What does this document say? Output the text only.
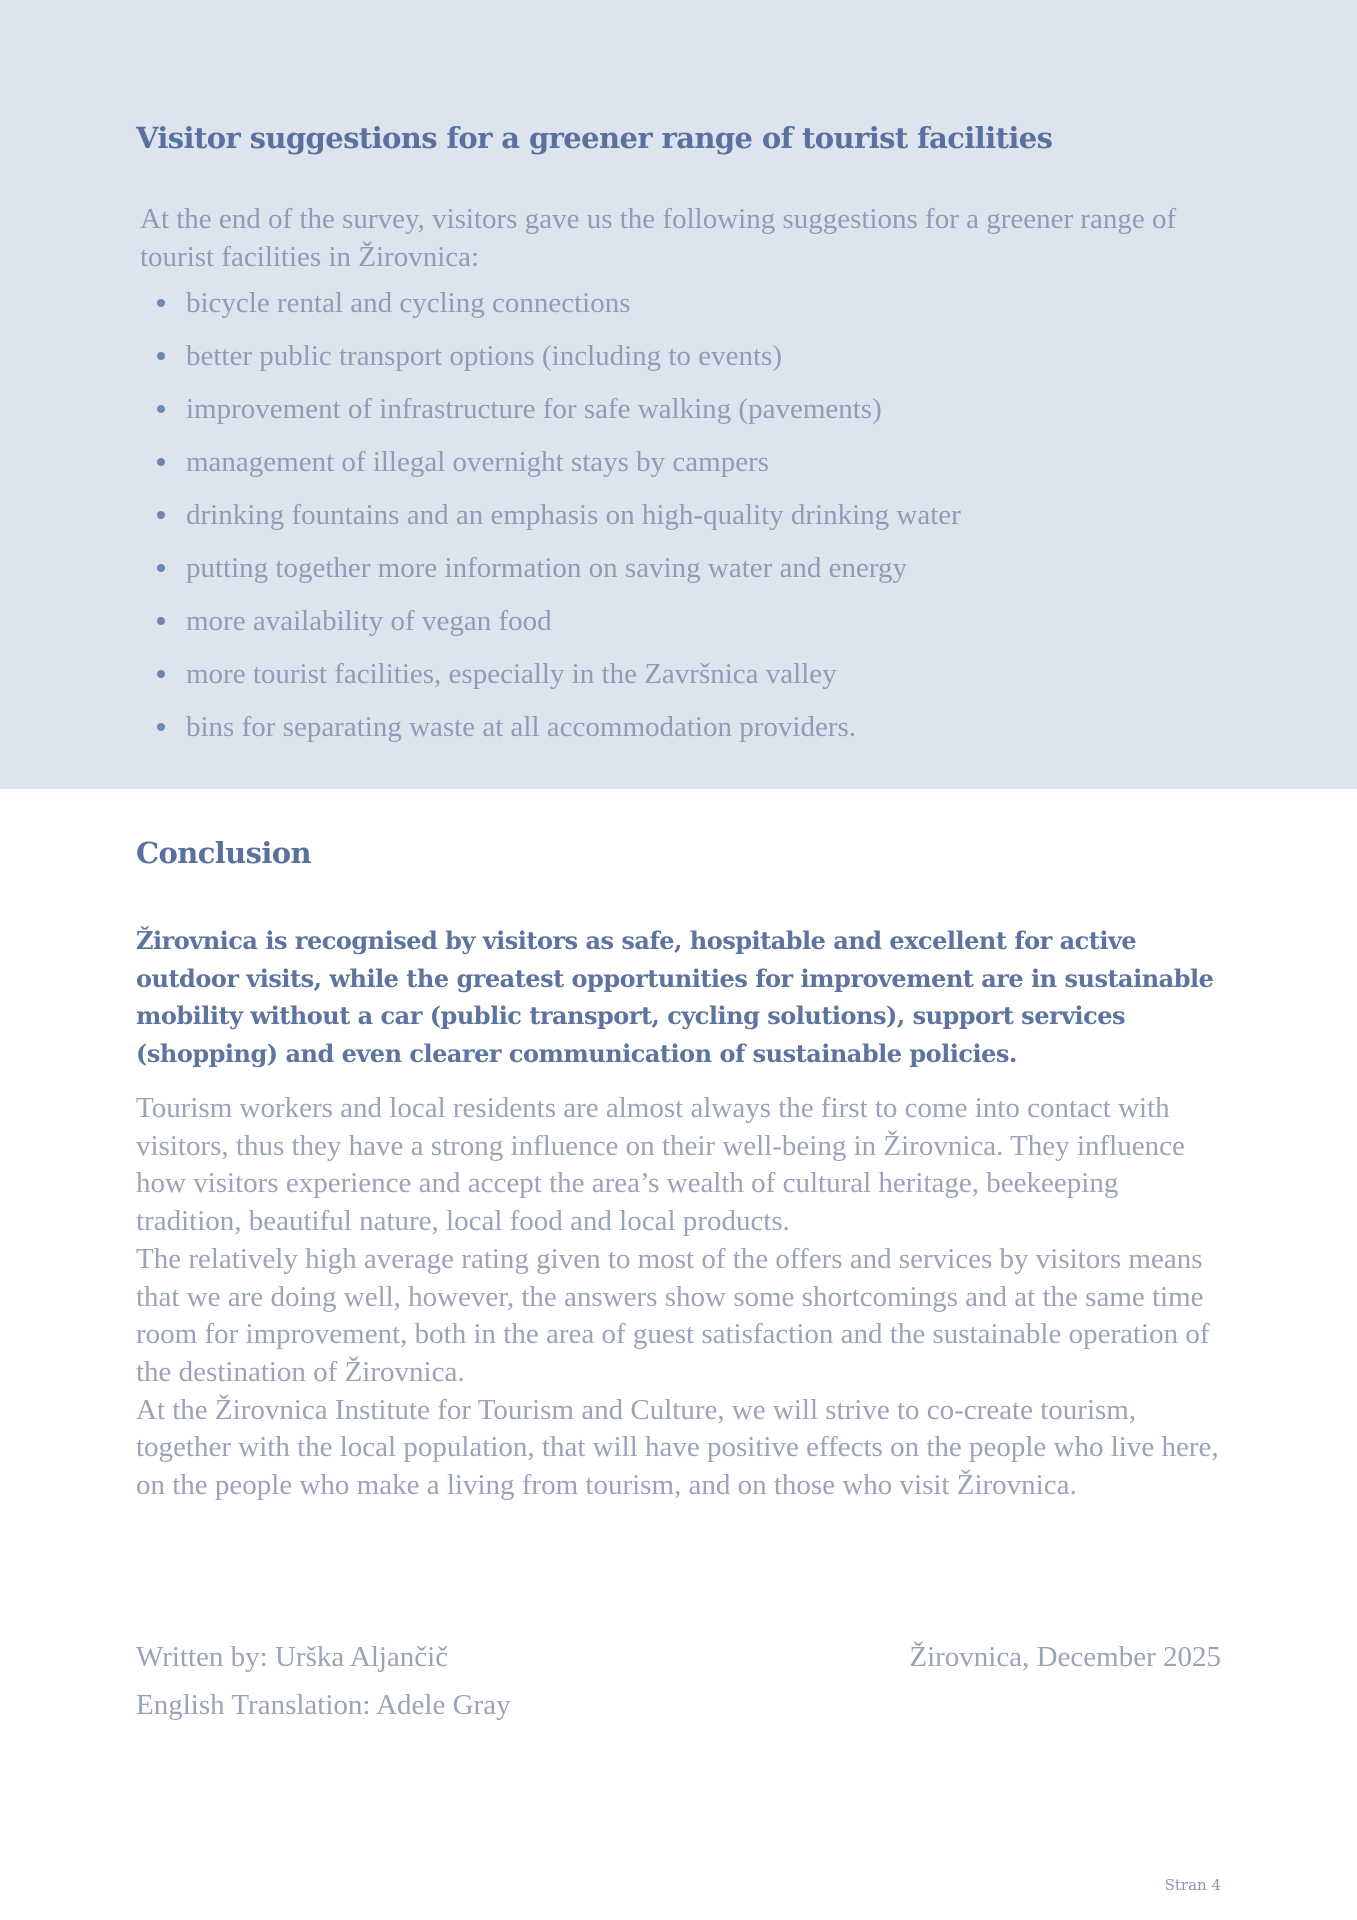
Visitor suggestions for a greener range of tourist facilities

At the end of the survey, visitors gave us the following suggestions for a greener range of tourist facilities in Žirovnica:

bicycle rental and cycling connections
better public transport options (including to events)
improvement of infrastructure for safe walking (pavements)
management of illegal overnight stays by campers
drinking fountains and an emphasis on high-quality drinking water
putting together more information on saving water and energy
more availability of vegan food
more tourist facilities, especially in the Završnica valley
bins for separating waste at all accommodation providers.
Conclusion

Žirovnica is recognised by visitors as safe, hospitable and excellent for active outdoor visits, while the greatest opportunities for improvement are in sustainable mobility without a car (public transport, cycling solutions), support services (shopping) and even clearer communication of sustainable policies.

Tourism workers and local residents are almost always the first to come into contact with visitors, thus they have a strong influence on their well-being in Žirovnica. They influence how visitors experience and accept the area’s wealth of cultural heritage, beekeeping tradition, beautiful nature, local food and local products.

The relatively high average rating given to most of the offers and services by visitors means that we are doing well, however, the answers show some shortcomings and at the same time room for improvement, both in the area of guest satisfaction and the sustainable operation of the destination of Žirovnica.

At the Žirovnica Institute for Tourism and Culture, we will strive to co-create tourism, together with the local population, that will have positive effects on the people who live here, on the people who make a living from tourism, and on those who visit Žirovnica.

Written by: Urška Aljančič

English Translation: Adele Gray

Žirovnica, December 2025

Stran 4
